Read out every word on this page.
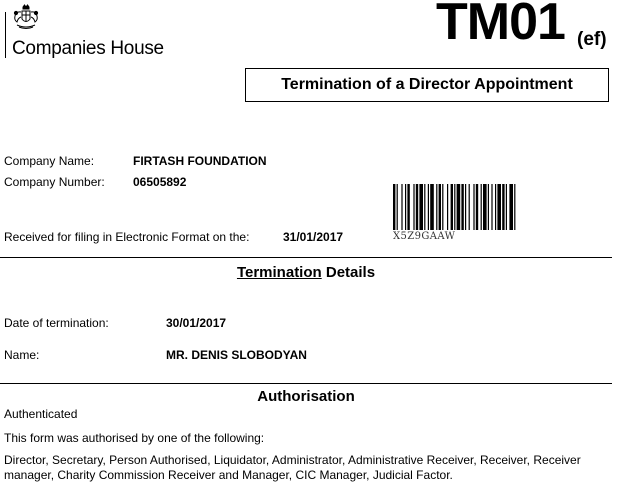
Companies House	TM01 (ef)
Termination of a Director Appointment
Company Name:	FIRTASH FOUNDATION
Company Number: 06505892
Received for filing in Electronic Format on the:	31/01/2017	X5Z9GAAW
Termination Details
Date of termination:	30/01/2017
Name:	MR. DENIS SLOBODYAN
Authorisation
Authenticated
This form was authorised by one of the following:
Director, Secretary, Person Authorised, Liquidator, Administrator, Administrative Receiver, Receiver, Receiver manager, Charity Commission Receiver and Manager, CIC Manager, Judicial Factor.
